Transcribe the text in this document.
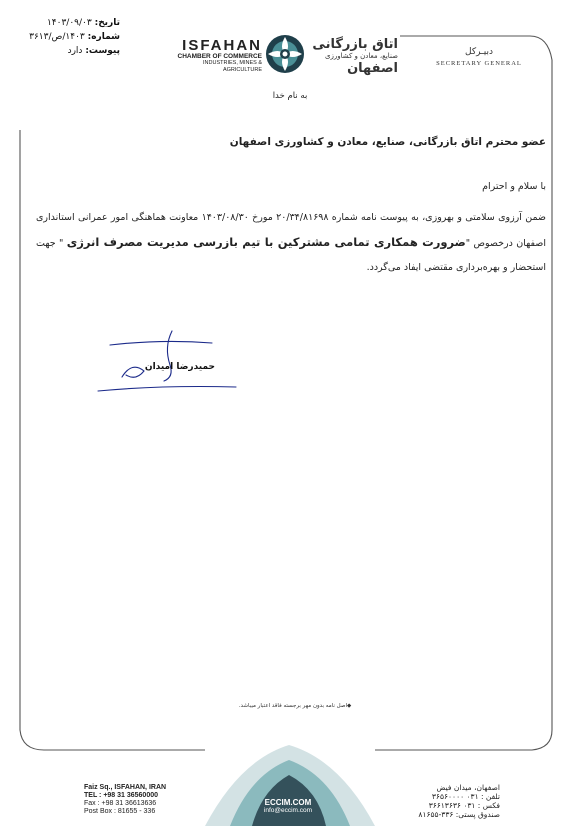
تاریخ: ۱۴۰۳/۰۹/۰۳
شماره: ۱۴۰۳/ص/۳۶۱۳
پیوست: دارد	ISFAHAN
CHAMBER OF COMMERCE
INDUSTRIES, MINES & AGRICULTURE
اتاق بازرگانی
صنایع، معادن و کشاورزی
اصفهان
دبیـرکل
SECRETARY GENERAL
به نام خدا
عضو محترم اتاق بازرگانی، صنایع، معادن و کشاورزی اصفهان
با سلام و احترام
ضمن آرزوی سلامتی و بهروزی، به پیوست نامه شماره ۲۰/۳۴/۸۱۶۹۸ مورخ ۱۴۰۳/۰۸/۳۰ معاونت هماهنگی امور عمرانی استانداری اصفهان درخصوص "ضرورت همکاری تمامی مشترکین با تیم بازرسی مدیریت مصرف انرژی " جهت استحضار و بهره‌برداری مقتضی ایفاد می‌گردد.
حمیدرضا امیدان
◆اصل نامه بدون مهر برجسته فاقد اعتبار میباشد.
Faiz Sq., ISFAHAN, IRAN
TEL : +98 31 36560000
Fax : +98 31 36613636
Post Box : 81655 - 336
ECCIM.COM
info@eccim.com
اصفهان، میدان فیض
تلفن : ۰۳۱ ۳۶۵۶۰۰۰۰
فکس : ۰۳۱ ۳۶۶۱۳۶۳۶
صندوق پستی: ۳۳۶-۸۱۶۵۵
